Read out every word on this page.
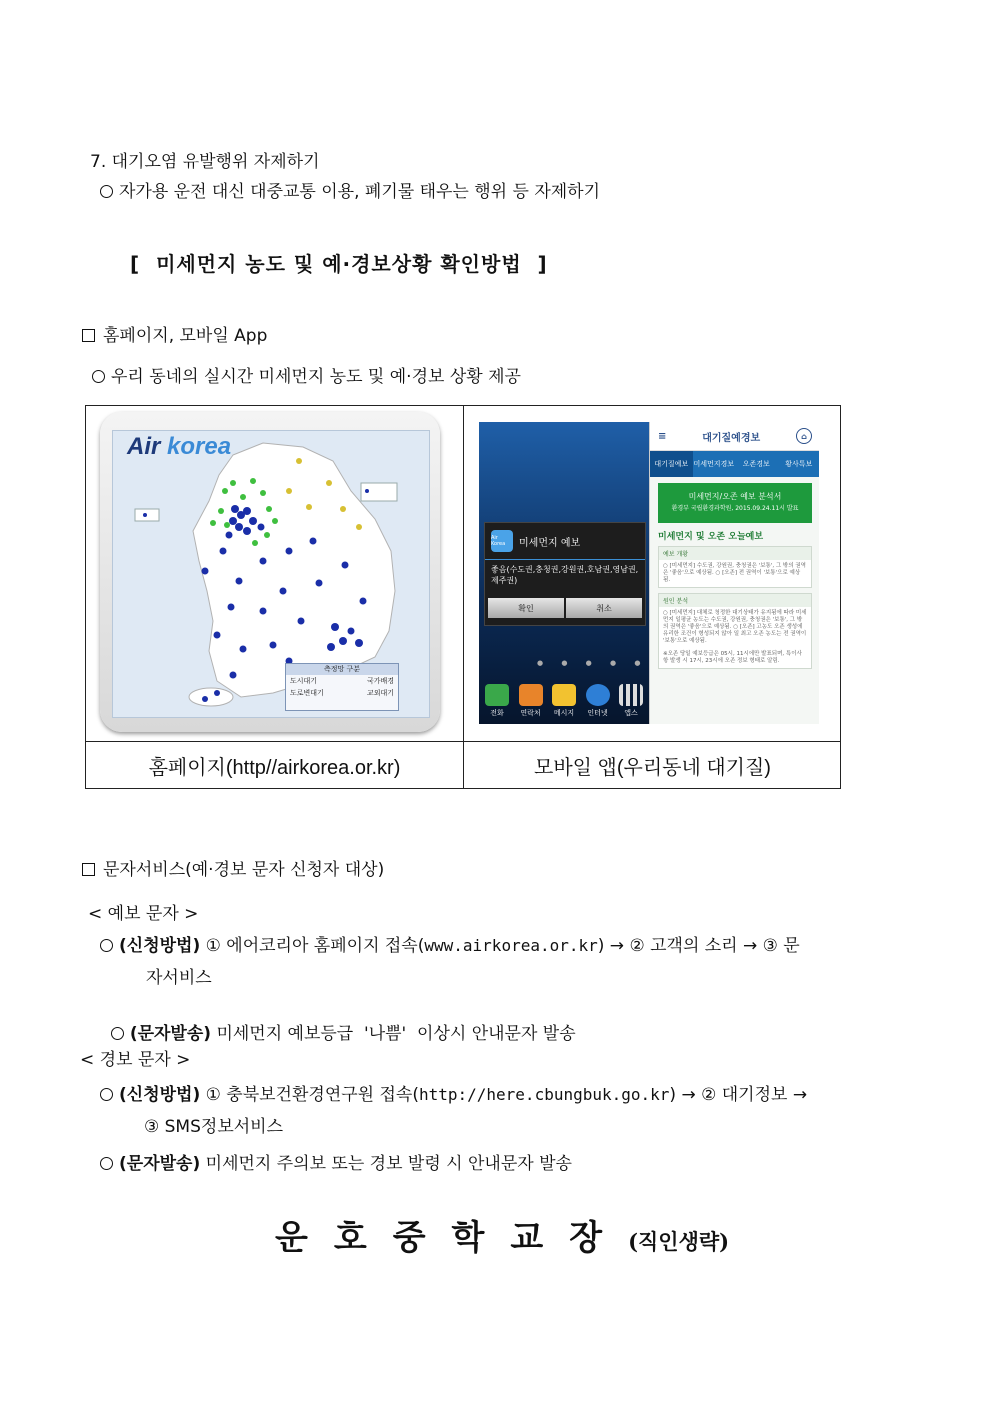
7. 대기오염 유발행위 자제하기
자가용 운전 대신 대중교통 이용, 폐기물 태우는 행위 등 자제하기
[  미세먼지 농도 및 예·경보상황 확인방법  ]
홈페이지, 모바일 App
우리 동네의 실시간 미세먼지 농도 및 예·경보 상황 제공
Air korea
측정망 구분
도시대기	국가배경
도로변대기	교외대기
Air Korea	미세먼지 예보
좋음(수도권,충청권,강원권,호남권,영남권,제주권)
확인	취소
● ● ● ● ●
전화	연락처	메시지	인터넷	앱스
≡	대기질예경보	⌂
대기질예보 미세먼지경보	오존경보	황사특보
미세먼지/오존 예보 분석서
환경부 국립환경과학원, 2015.09.24.11시 발표
미세먼지 및 오존 오늘예보
예보 개황
○ [미세먼지] 수도권, 강원권, 충청권은 '보통', 그 밖의 권역은 '좋음'으로 예상됨. ○ [오존] 전 권역이 '보통'으로 예상됨.
원인 분석
○ [미세먼지] 대체로 청정한 대기상태가 유지됨에 따라 미세먼지 일평균 농도는 수도권, 강원권, 충청권은 '보통', 그 밖의 권역은 '좋음'으로 예상됨. ○ [오존] 고농도 오존 생성에 유리한 조건이 형성되지 않아 일 최고 오존 농도는 전 권역이 '보통'으로 예상됨.
※오존 당일 예보등급은 05시, 11시에만 발표되며, 특이사항 발생 시 17시, 23시에 오존 정보 형태로 알림.
홈페이지(http//airkorea.or.kr)	모바일 앱(우리동네 대기질)
문자서비스(예·경보 문자 신청자 대상)
< 예보 문자 >
(신청방법) ① 에어코리아 홈페이지 접속(www.airkorea.or.kr) → ② 고객의 소리 → ③ 문
자서비스

(문자발송) 미세먼지 예보등급  '나쁨'  이상시 안내문자 발송

< 경보 문자 >
(신청방법) ① 충북보건환경연구원 접속(http://here.cbungbuk.go.kr) → ② 대기정보 →
③ SMS정보서비스
(문자발송) 미세먼지 주의보 또는 경보 발령 시 안내문자 발송
운호중학교장(직인생략)
